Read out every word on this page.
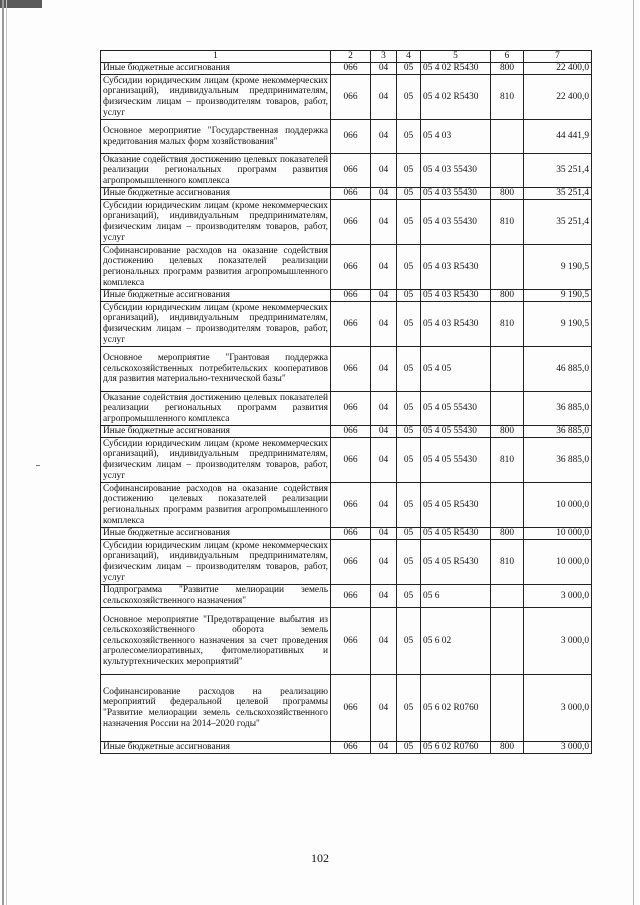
1	2	3	4	5	6	7
Иные бюджетные ассигнования	066	04	05	05 4 02 R5430	800	22 400,0
Субсидии юридическим лицам (кроме некоммерческих организаций), индивидуальным предпринимателям, физическим лицам – производителям товаров, работ, услуг	066	04	05	05 4 02 R5430	810	22 400,0
Основное мероприятие "Государственная поддержка кредитования малых форм хозяйствования"	066	04	05	05 4 03		44 441,9
Оказание содействия достижению целевых показателей реализации региональных программ развития агропромышленного комплекса	066	04	05	05 4 03 55430		35 251,4
Иные бюджетные ассигнования	066	04	05	05 4 03 55430	800	35 251,4
Субсидии юридическим лицам (кроме некоммерческих организаций), индивидуальным предпринимателям, физическим лицам – производителям товаров, работ, услуг	066	04	05	05 4 03 55430	810	35 251,4
Софинансирование расходов на оказание содействия достижению целевых показателей реализации региональных программ развития агропромышленного комплекса	066	04	05	05 4 03 R5430		9 190,5
Иные бюджетные ассигнования	066	04	05	05 4 03 R5430	800	9 190,5
Субсидии юридическим лицам (кроме некоммерческих организаций), индивидуальным предпринимателям, физическим лицам – производителям товаров, работ, услуг	066	04	05	05 4 03 R5430	810	9 190,5
Основное мероприятие "Грантовая поддержка сельскохозяйственных потребительских кооперативов для развития материально-технической базы"	066	04	05	05 4 05		46 885,0
Оказание содействия достижению целевых показателей реализации региональных программ развития агропромышленного комплекса	066	04	05	05 4 05 55430		36 885,0
Иные бюджетные ассигнования	066	04	05	05 4 05 55430	800	36 885,0
Субсидии юридическим лицам (кроме некоммерческих организаций), индивидуальным предпринимателям, физическим лицам – производителям товаров, работ, услуг	066	04	05	05 4 05 55430	810	36 885,0
Софинансирование расходов на оказание содействия достижению целевых показателей реализации региональных программ развития агропромышленного комплекса	066	04	05	05 4 05 R5430		10 000,0
Иные бюджетные ассигнования	066	04	05	05 4 05 R5430	800	10 000,0
Субсидии юридическим лицам (кроме некоммерческих организаций), индивидуальным предпринимателям, физическим лицам – производителям товаров, работ, услуг	066	04	05	05 4 05 R5430	810	10 000,0
Подпрограмма "Развитие мелиорации земель сельскохозяйственного назначения"	066	04	05	05 6		3 000,0
Основное мероприятие "Предотвращение выбытия из сельскохозяйственного оборота земель сельскохозяйственного назначения за счет проведения агролесомелиоративных, фитомелиоративных и культуртехнических мероприятий"	066	04	05	05 6 02		3 000,0
Софинансирование расходов на реализацию мероприятий федеральной целевой программы "Развитие мелиорации земель сельскохозяйственного назначения России на 2014–2020 годы"	066	04	05	05 6 02 R0760		3 000,0
Иные бюджетные ассигнования	066	04	05	05 6 02 R0760	800	3 000,0
102
